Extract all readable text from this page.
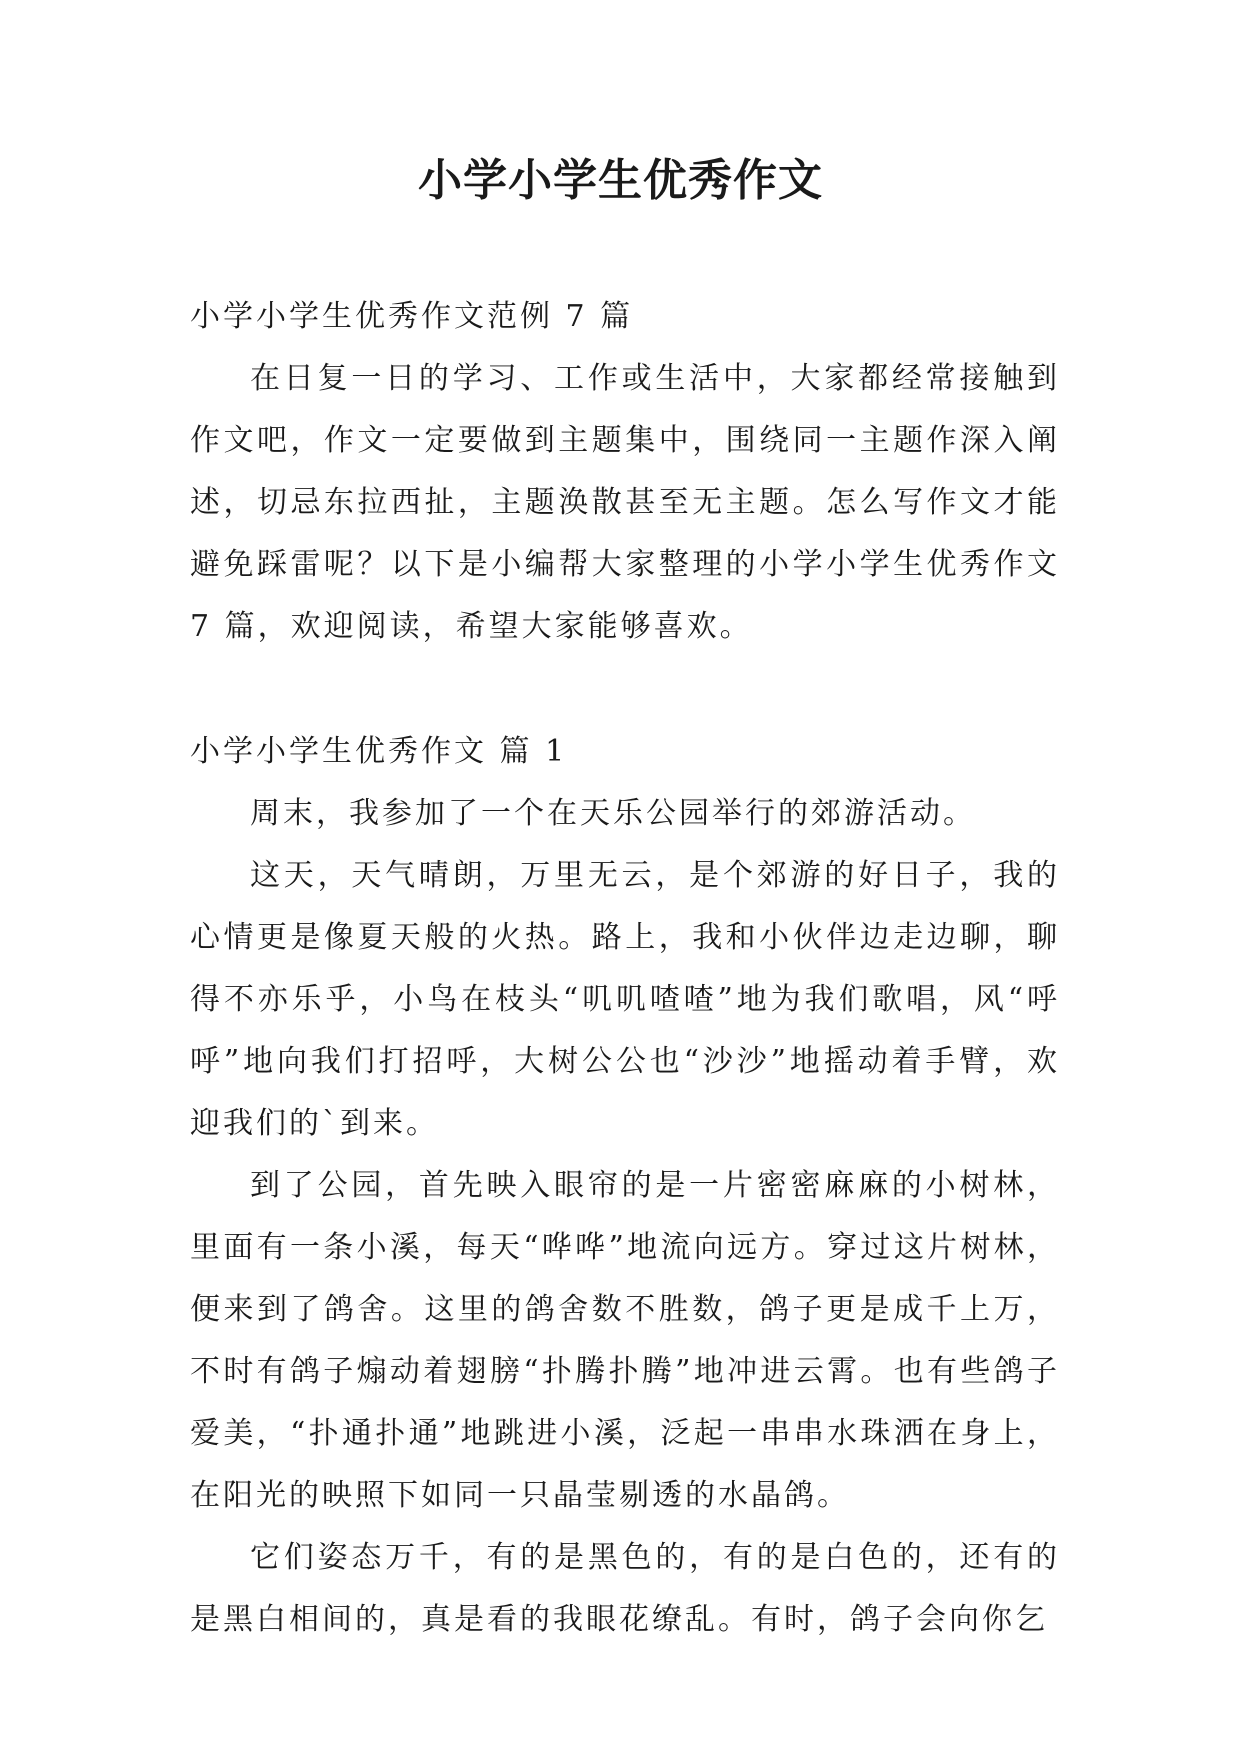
小学小学生优秀作文

小学小学生优秀作文范例 7 篇

在日复一日的学习、工作或生活中，大家都经常接触到作文吧，作文一定要做到主题集中，围绕同一主题作深入阐述，切忌东拉西扯，主题涣散甚至无主题。怎么写作文才能避免踩雷呢？以下是小编帮大家整理的小学小学生优秀作文 7 篇，欢迎阅读，希望大家能够喜欢。

小学小学生优秀作文 篇 1

周末，我参加了一个在天乐公园举行的郊游活动。

这天，天气晴朗，万里无云，是个郊游的好日子，我的心情更是像夏天般的火热。路上，我和小伙伴边走边聊，聊得不亦乐乎，小鸟在枝头“叽叽喳喳”地为我们歌唱，风“呼呼”地向我们打招呼，大树公公也“沙沙”地摇动着手臂，欢迎我们的`到来。

到了公园，首先映入眼帘的是一片密密麻麻的小树林，里面有一条小溪，每天“哗哗”地流向远方。穿过这片树林，便来到了鸽舍。这里的鸽舍数不胜数，鸽子更是成千上万，不时有鸽子煽动着翅膀“扑腾扑腾”地冲进云霄。也有些鸽子爱美，“扑通扑通”地跳进小溪，泛起一串串水珠洒在身上，在阳光的映照下如同一只晶莹剔透的水晶鸽。

它们姿态万千，有的是黑色的，有的是白色的，还有的是黑白相间的，真是看的我眼花缭乱。有时，鸽子会向你乞
